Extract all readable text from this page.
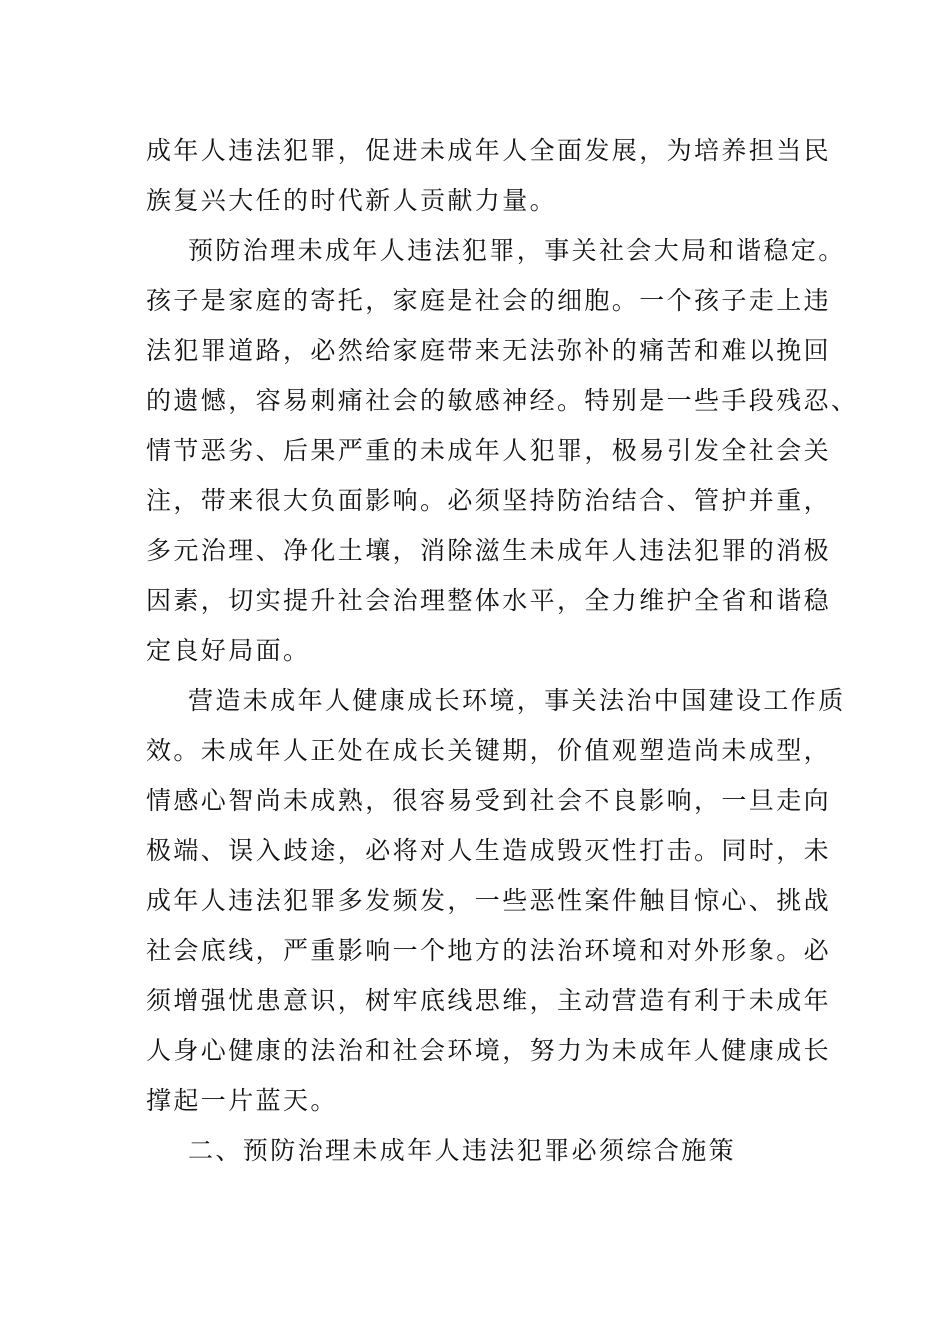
成年人违法犯罪，促进未成年人全面发展，为培养担当民
族复兴大任的时代新人贡献力量。
预防治理未成年人违法犯罪，事关社会大局和谐稳定。
孩子是家庭的寄托，家庭是社会的细胞。一个孩子走上违
法犯罪道路，必然给家庭带来无法弥补的痛苦和难以挽回
的遗憾，容易刺痛社会的敏感神经。特别是一些手段残忍、
情节恶劣、后果严重的未成年人犯罪，极易引发全社会关
注，带来很大负面影响。必须坚持防治结合、管护并重，
多元治理、净化土壤，消除滋生未成年人违法犯罪的消极
因素，切实提升社会治理整体水平，全力维护全省和谐稳
定良好局面。
营造未成年人健康成长环境，事关法治中国建设工作质
效。未成年人正处在成长关键期，价值观塑造尚未成型，
情感心智尚未成熟，很容易受到社会不良影响，一旦走向
极端、误入歧途，必将对人生造成毁灭性打击。同时，未
成年人违法犯罪多发频发，一些恶性案件触目惊心、挑战
社会底线，严重影响一个地方的法治环境和对外形象。必
须增强忧患意识，树牢底线思维，主动营造有利于未成年
人身心健康的法治和社会环境，努力为未成年人健康成长
撑起一片蓝天。
二、预防治理未成年人违法犯罪必须综合施策
